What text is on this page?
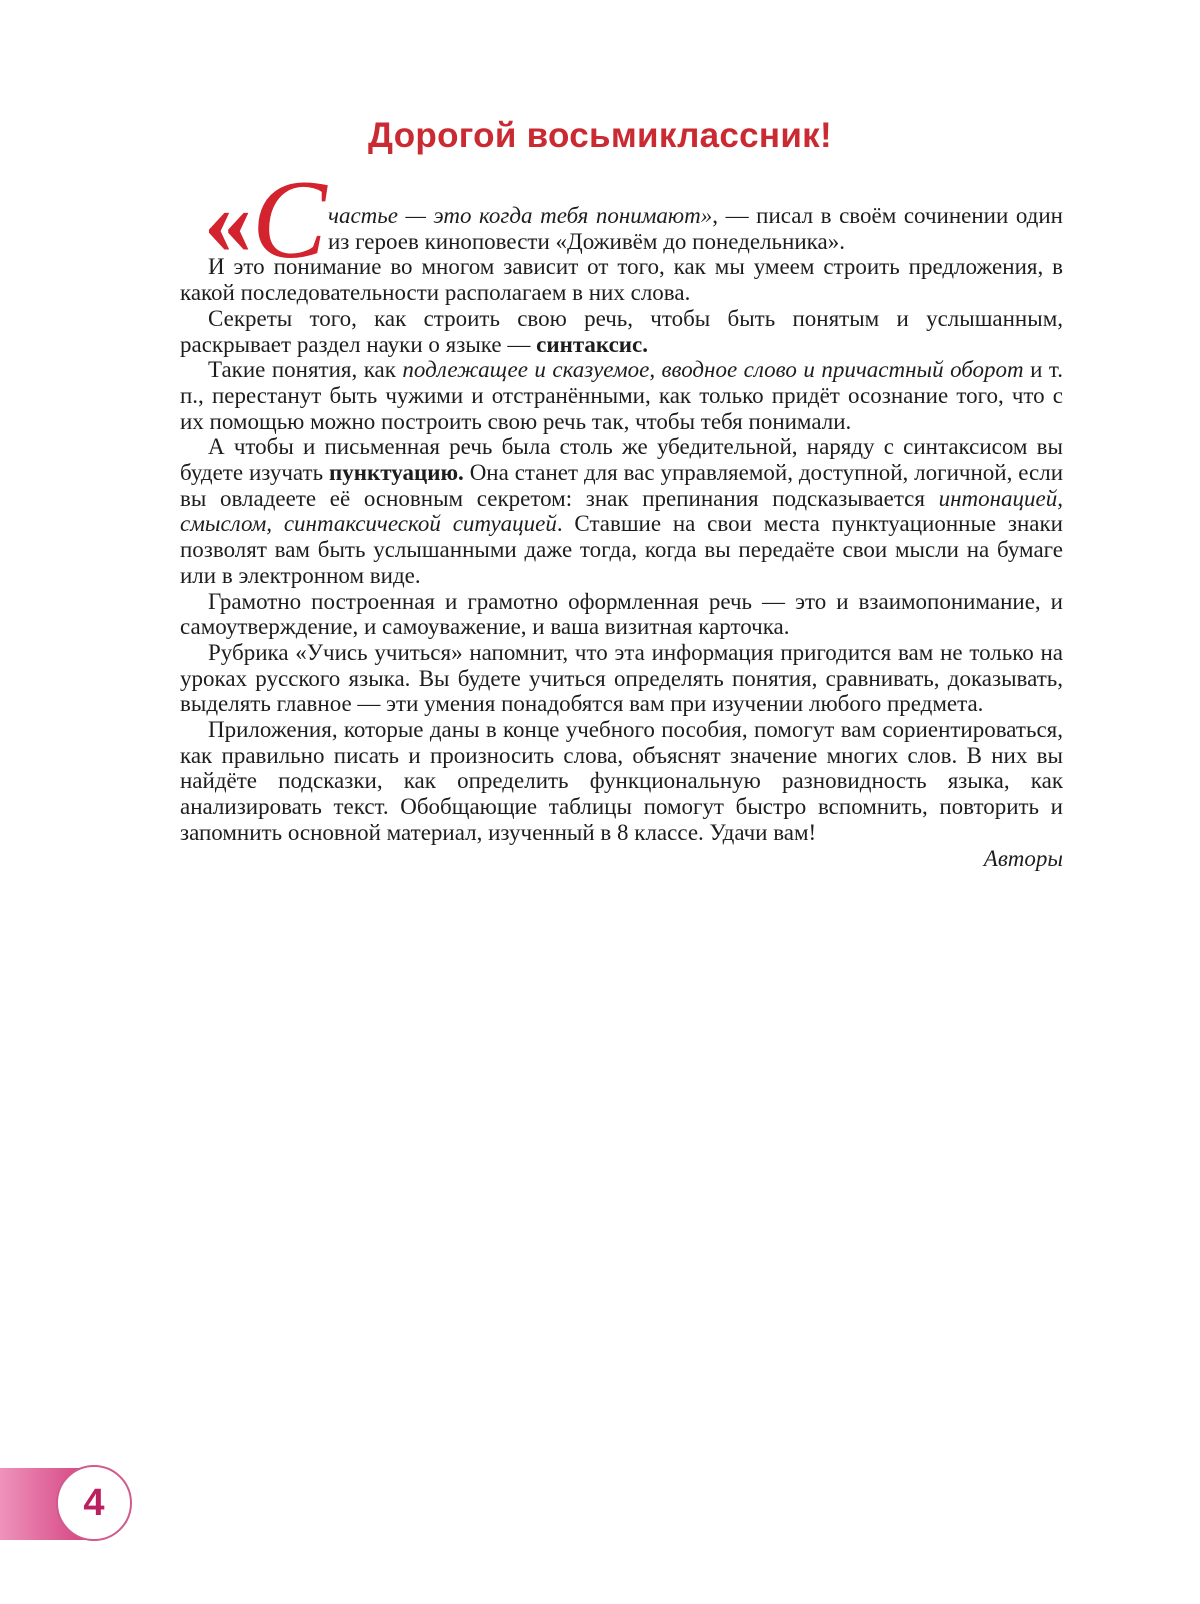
Дорогой восьмиклассник!

« С частье — это когда тебя понимают», — писал в своём сочинении один из героев киноповести «Доживём до понедельника».

И это понимание во многом зависит от того, как мы умеем строить предложения, в какой последовательности располагаем в них слова.

Секреты того, как строить свою речь, чтобы быть понятым и услышанным, раскрывает раздел науки о языке — синтаксис.

Такие понятия, как подлежащее и сказуемое, вводное слово и причастный оборот и т. п., перестанут быть чужими и отстранёнными, как только придёт осознание того, что с их помощью можно построить свою речь так, чтобы тебя понимали.

А чтобы и письменная речь была столь же убедительной, наряду с синтаксисом вы будете изучать пунктуацию. Она станет для вас управляемой, доступной, логичной, если вы овладеете её основным секретом: знак препинания подсказывается интонацией, смыслом, синтаксической ситуацией. Ставшие на свои места пунктуационные знаки позволят вам быть услышанными даже тогда, когда вы передаёте свои мысли на бумаге или в электронном виде.

Грамотно построенная и грамотно оформленная речь — это и взаимопонимание, и самоутверждение, и самоуважение, и ваша визитная карточка.

Рубрика «Учись учиться» напомнит, что эта информация пригодится вам не только на уроках русского языка. Вы будете учиться определять понятия, сравнивать, доказывать, выделять главное — эти умения понадобятся вам при изучении любого предмета.

Приложения, которые даны в конце учебного пособия, помогут вам сориентироваться, как правильно писать и произносить слова, объяснят значение многих слов. В них вы найдёте подсказки, как определить функциональную разновидность языка, как анализировать текст. Обобщающие таблицы помогут быстро вспомнить, повторить и запомнить основной материал, изученный в 8 классе. Удачи вам!

Авторы

4
